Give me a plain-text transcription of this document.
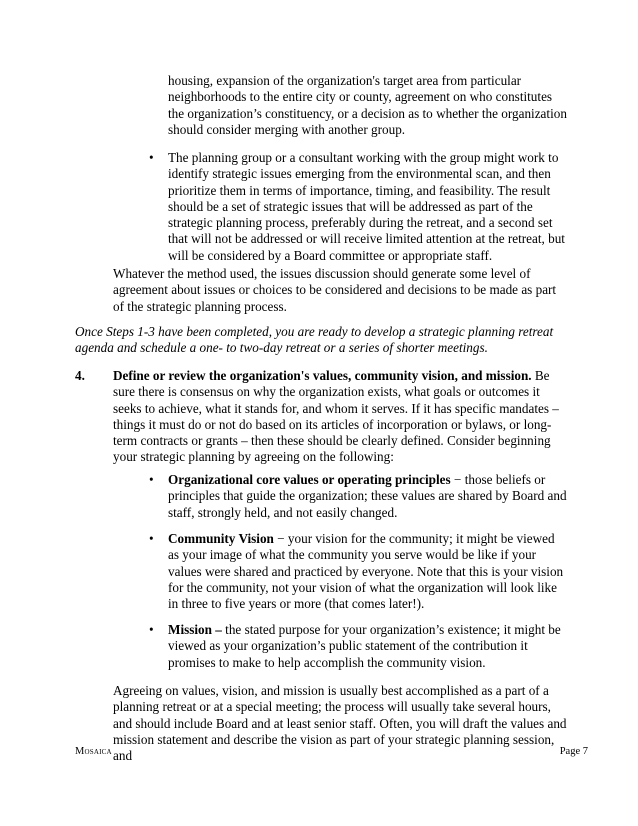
housing, expansion of the organization's target area from particular neighborhoods to the entire city or county, agreement on who constitutes the organization’s constituency, or a decision as to whether the organization should consider merging with another group.

• The planning group or a consultant working with the group might work to identify strategic issues emerging from the environmental scan, and then prioritize them in terms of importance, timing, and feasibility. The result should be a set of strategic issues that will be addressed as part of the strategic planning process, preferably during the retreat, and a second set that will not be addressed or will receive limited attention at the retreat, but will be considered by a Board committee or appropriate staff.

Whatever the method used, the issues discussion should generate some level of agreement about issues or choices to be considered and decisions to be made as part of the strategic planning process.

Once Steps 1-3 have been completed, you are ready to develop a strategic planning retreat agenda and schedule a one- to two-day retreat or a series of shorter meetings.

4. Define or review the organization's values, community vision, and mission. Be sure there is consensus on why the organization exists, what goals or outcomes it seeks to achieve, what it stands for, and whom it serves. If it has specific mandates –things it must do or not do based on its articles of incorporation or bylaws, or long-term contracts or grants – then these should be clearly defined. Consider beginning your strategic planning by agreeing on the following:

• Organizational core values or operating principles − those beliefs or principles that guide the organization; these values are shared by Board and staff, strongly held, and not easily changed.

• Community Vision − your vision for the community; it might be viewed as your image of what the community you serve would be like if your values were shared and practiced by everyone. Note that this is your vision for the community, not your vision of what the organization will look like in three to five years or more (that comes later!).

• Mission – the stated purpose for your organization’s existence; it might be viewed as your organization’s public statement of the contribution it promises to make to help accomplish the community vision.

Agreeing on values, vision, and mission is usually best accomplished as a part of a planning retreat or at a special meeting; the process will usually take several hours, and should include Board and at least senior staff. Often, you will draft the values and mission statement and describe the vision as part of your strategic planning session, and

Mosaica	Page 7
